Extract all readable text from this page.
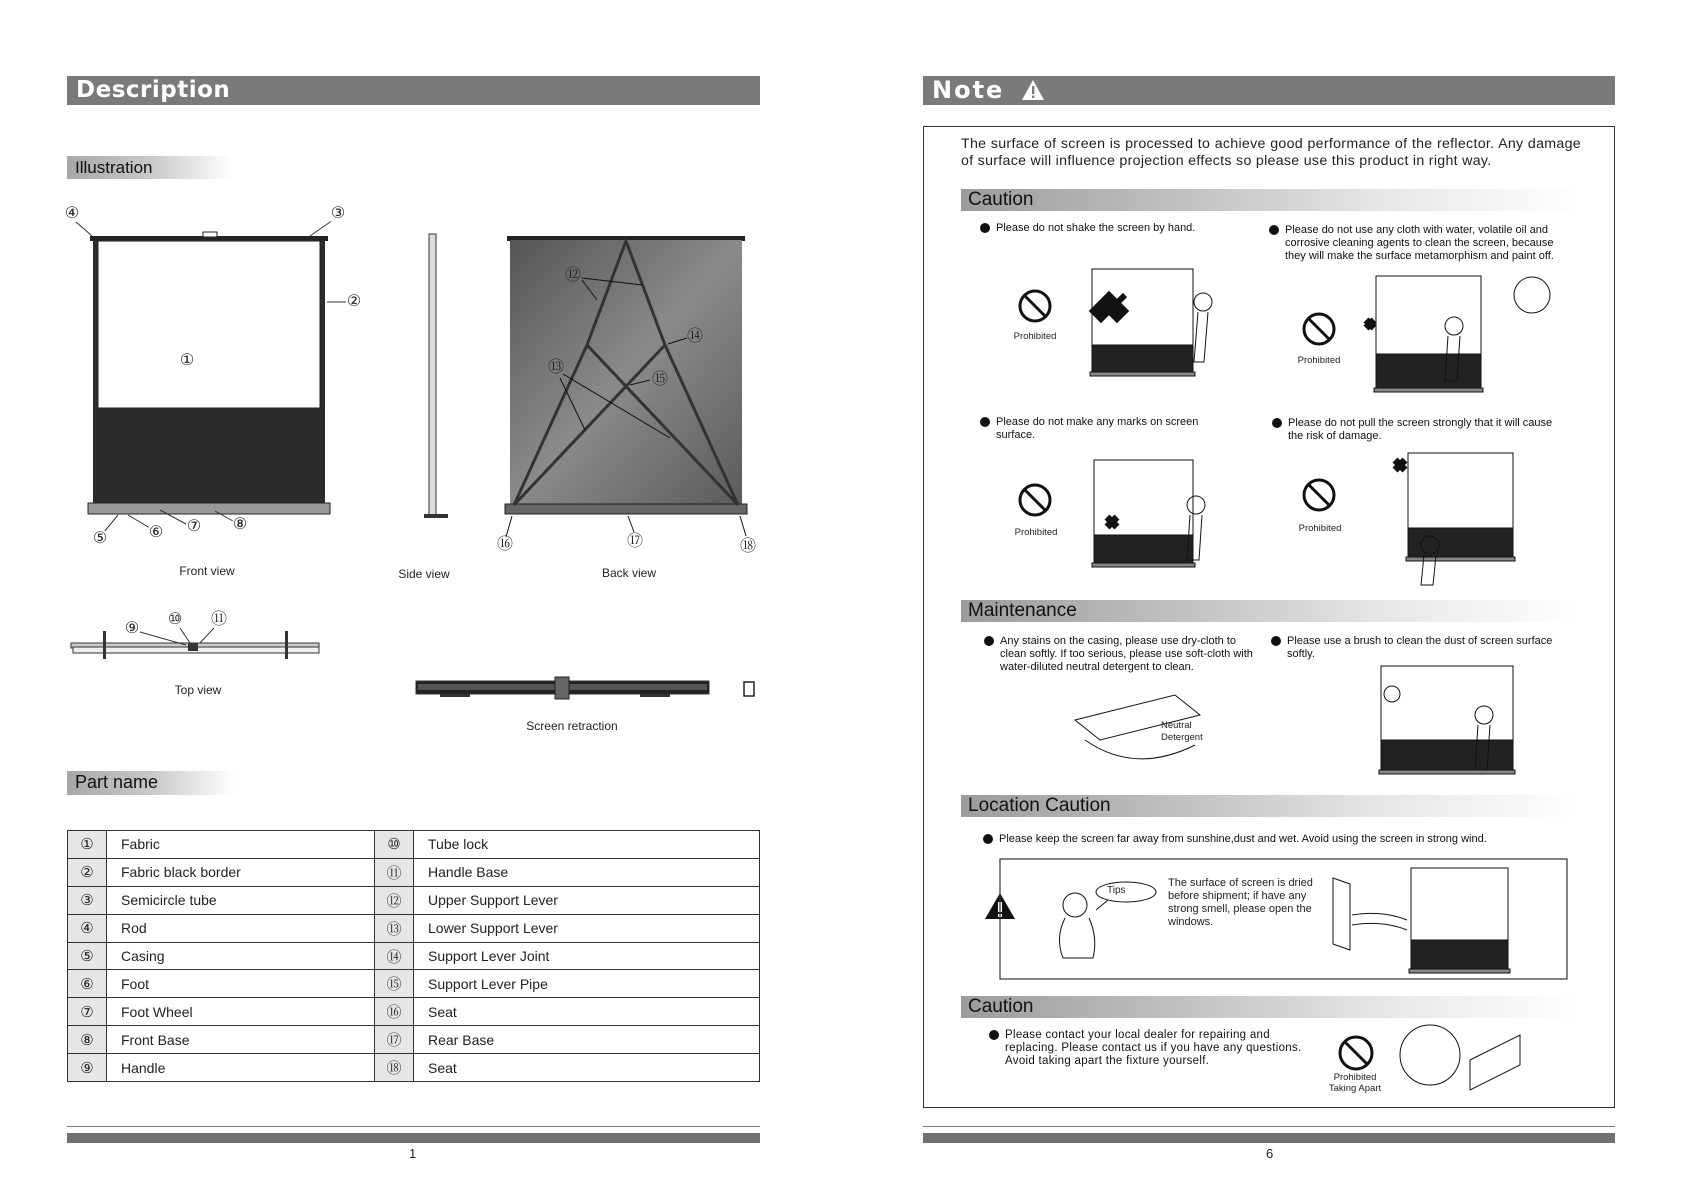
Description
Illustration
①
②
③
④
⑤	⑥ ⑦ ⑧
⑨
⑩ ⑪
⑫
⑬
⑭
⑮
⑯	⑰	⑱
Front view	Side view	Back view
Top view
Screen retraction
Part name
①	Fabric	⑩	Tube lock
②	Fabric black border	⑪	Handle Base
③	Semicircle tube	⑫	Upper Support Lever
④	Rod	⑬	Lower Support Lever
⑤	Casing	⑭	Support Lever Joint
⑥	Foot	⑮	Support Lever Pipe
⑦	Foot Wheel	⑯	Seat
⑧	Front Base	⑰	Rear Base
⑨	Handle	⑱	Seat
1
Note
The surface of screen is processed to achieve good performance of the reflector. Any damage of surface will influence projection effects so please use this product in right way.
Caution
Please do not shake the screen by hand.	Please do not use any cloth with water, volatile oil and corrosive cleaning agents to clean the screen, because they will make the surface metamorphism and paint off.
Please do not make any marks on screen surface.
Please do not pull the screen strongly that it will cause the risk of damage.
Prohibited
Prohibited
Prohibited	Prohibited
Maintenance
Any stains on the casing, please use dry-cloth to clean softly. If too serious, please use soft-cloth with water-diluted neutral detergent to clean.
Please use a brush to clean the dust of screen surface softly.
Neutral Detergent
Location Caution
Please keep the screen far away from sunshine,dust and wet. Avoid using the screen in strong wind.
Tips
The surface of screen is dried before shipment; if have any strong smell, please open the windows.
Caution
Please contact your local dealer for repairing and replacing. Please contact us if you have any questions. Avoid taking apart the fixture yourself.
Prohibited Taking Apart
6
